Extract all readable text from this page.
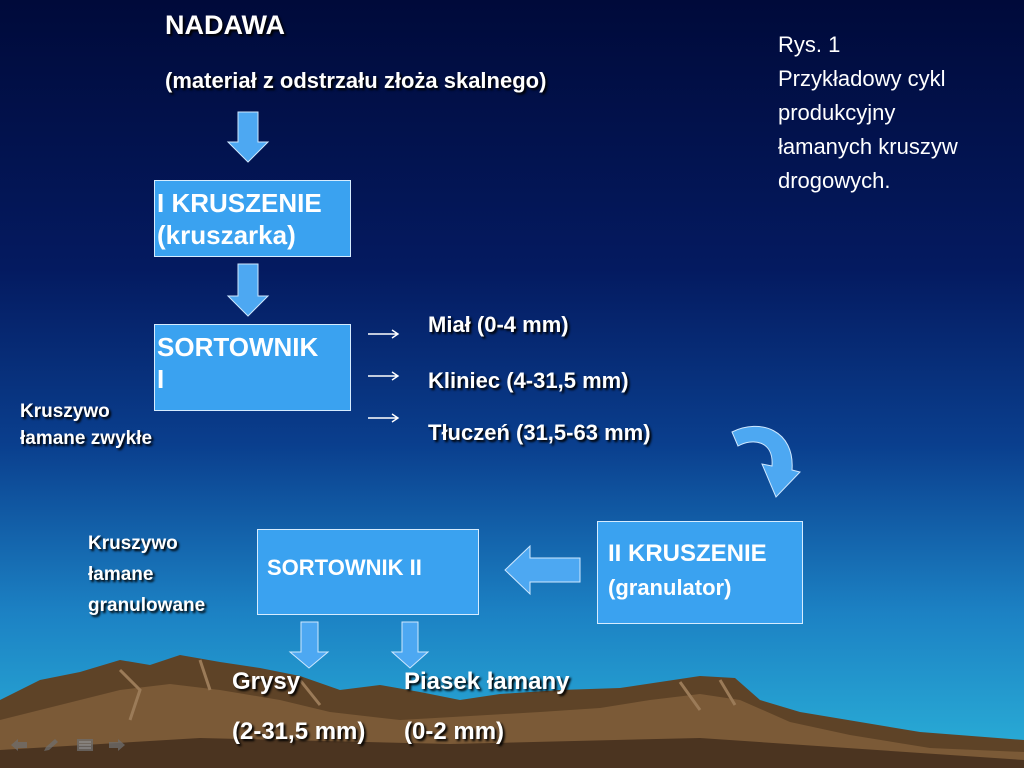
NADAWA
(materiał z odstrzału złoża skalnego)
Rys. 1
Przykładowy cykl
produkcyjny
łamanych kruszyw
drogowych.
I KRUSZENIE
(kruszarka)
SORTOWNIK
I
Miał (0-4 mm)
Kliniec (4-31,5 mm)
Tłuczeń (31,5-63 mm)
Kruszywo
łamane zwykłe
II KRUSZENIE
(granulator)
SORTOWNIK II
Kruszywo
łamane
granulowane
Grysy
(2-31,5 mm)
Piasek łamany
(0-2 mm)
